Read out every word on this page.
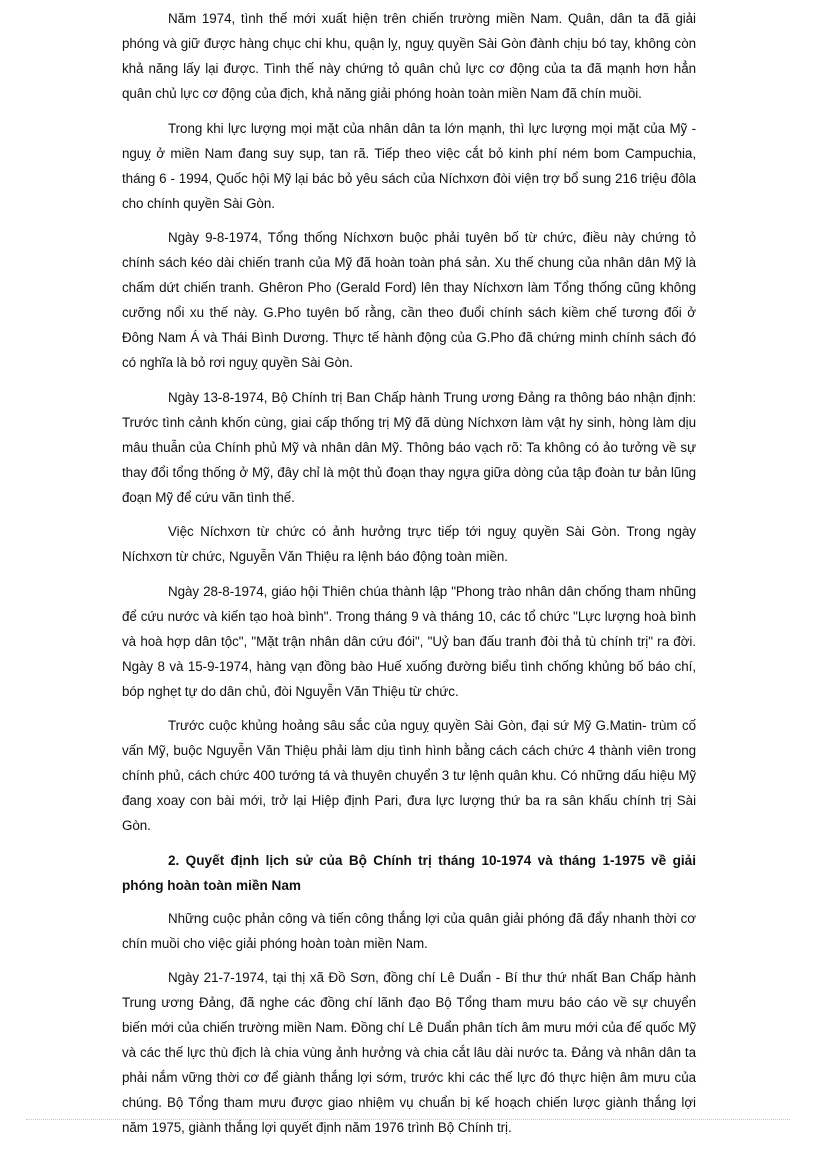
Năm 1974, tình thế mới xuất hiện trên chiến trường miền Nam. Quân, dân ta đã giải phóng và giữ được hàng chục chi khu, quận lỵ, nguỵ quyền Sài Gòn đành chịu bó tay, không còn khả năng lấy lại được. Tình thế này chứng tỏ quân chủ lực cơ động của ta đã mạnh hơn hẳn quân chủ lực cơ động của địch, khả năng giải phóng hoàn toàn miền Nam đã chín muồi.

Trong khi lực lượng mọi mặt của nhân dân ta lớn mạnh, thì lực lượng mọi mặt của Mỹ - nguỵ ở miền Nam đang suy sụp, tan rã. Tiếp theo việc cắt bỏ kinh phí ném bom Campuchia, tháng 6 - 1994, Quốc hội Mỹ lại bác bỏ yêu sách của Níchxơn đòi viện trợ bổ sung 216 triệu đôla cho chính quyền Sài Gòn.

Ngày 9-8-1974, Tổng thống Níchxơn buộc phải tuyên bố từ chức, điều này chứng tỏ chính sách kéo dài chiến tranh của Mỹ đã hoàn toàn phá sản. Xu thế chung của nhân dân Mỹ là chấm dứt chiến tranh. Ghêron Pho (Gerald Ford) lên thay Níchxơn làm Tổng thống cũng không cưỡng nổi xu thế này. G.Pho tuyên bố rằng, cần theo đuổi chính sách kiềm chế tương đối ở Đông Nam Á và Thái Bình Dương. Thực tế hành động của G.Pho đã chứng minh chính sách đó có nghĩa là bỏ rơi nguỵ quyền Sài Gòn.

Ngày 13-8-1974, Bộ Chính trị Ban Chấp hành Trung ương Đảng ra thông báo nhận định: Trước tình cảnh khốn cùng, giai cấp thống trị Mỹ đã dùng Níchxơn làm vật hy sinh, hòng làm dịu mâu thuẫn của Chính phủ Mỹ và nhân dân Mỹ. Thông báo vạch rõ: Ta không có ảo tưởng về sự thay đổi tổng thống ở Mỹ, đây chỉ là một thủ đoạn thay ngựa giữa dòng của tập đoàn tư bản lũng đoạn Mỹ để cứu vãn tình thế.

Việc Níchxơn từ chức có ảnh hưởng trực tiếp tới nguỵ quyền Sài Gòn. Trong ngày Níchxơn từ chức, Nguyễn Văn Thiệu ra lệnh báo động toàn miền.

Ngày 28-8-1974, giáo hội Thiên chúa thành lập "Phong trào nhân dân chống tham nhũng để cứu nước và kiến tạo hoà bình". Trong tháng 9 và tháng 10, các tổ chức "Lực lượng hoà bình và hoà hợp dân tộc", "Mặt trận nhân dân cứu đói", "Uỷ ban đấu tranh đòi thả tù chính trị" ra đời. Ngày 8 và 15-9-1974, hàng vạn đồng bào Huế xuống đường biểu tình chống khủng bố báo chí, bóp nghẹt tự do dân chủ, đòi Nguyễn Văn Thiệu từ chức.

Trước cuộc khủng hoảng sâu sắc của nguỵ quyền Sài Gòn, đại sứ Mỹ G.Matin- trùm cố vấn Mỹ, buộc Nguyễn Văn Thiệu phải làm dịu tình hình bằng cách cách chức 4 thành viên trong chính phủ, cách chức 400 tướng tá và thuyên chuyển 3 tư lệnh quân khu. Có những dấu hiệu Mỹ đang xoay con bài mới, trở lại Hiệp định Pari, đưa lực lượng thứ ba ra sân khấu chính trị Sài Gòn.

2. Quyết định lịch sử của Bộ Chính trị tháng 10-1974 và tháng 1-1975 về giải phóng hoàn toàn miền Nam

Những cuộc phản công và tiến công thắng lợi của quân giải phóng đã đẩy nhanh thời cơ chín muồi cho việc giải phóng hoàn toàn miền Nam.

Ngày 21-7-1974, tại thị xã Đồ Sơn, đồng chí Lê Duẩn - Bí thư thứ nhất Ban Chấp hành Trung ương Đảng, đã nghe các đồng chí lãnh đạo Bộ Tổng tham mưu báo cáo về sự chuyển biến mới của chiến trường miền Nam. Đồng chí Lê Duẩn phân tích âm mưu mới của đế quốc Mỹ và các thế lực thù địch là chia vùng ảnh hưởng và chia cắt lâu dài nước ta. Đảng và nhân dân ta phải nắm vững thời cơ để giành thắng lợi sớm, trước khi các thế lực đó thực hiện âm mưu của chúng. Bộ Tổng tham mưu được giao nhiệm vụ chuẩn bị kế hoạch chiến lược giành thắng lợi năm 1975, giành thắng lợi quyết định năm 1976 trình Bộ Chính trị.
